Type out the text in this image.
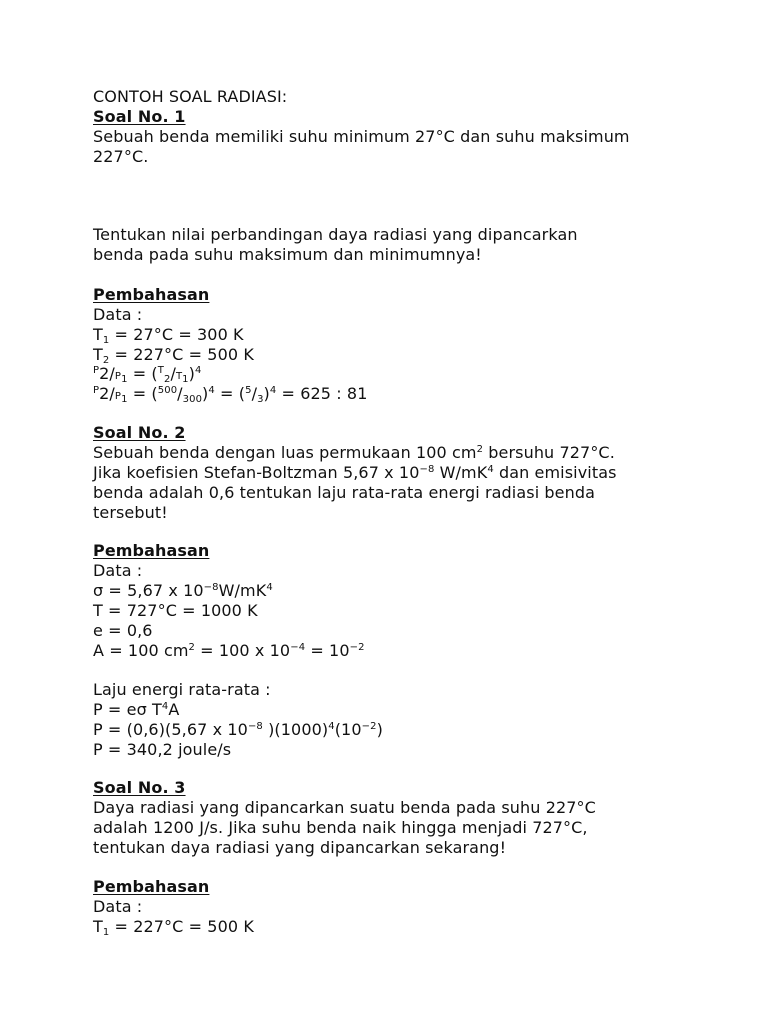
CONTOH SOAL RADIASI:

Soal No. 1

Sebuah benda memiliki suhu minimum 27°C dan suhu maksimum

227°C.

Tentukan nilai perbandingan daya radiasi yang dipancarkan

benda pada suhu maksimum dan minimumnya!

Pembahasan

Data :

$T_1 = 27^\circ C = 300$ K

$T_2 = 227^\circ C = 500$ K

$^P2/P1 = (^T2/T1)^4$

$^P2/P1 = (^{500}/300)^4 = (^5/3)^4 = 625$ : 81

Soal No. 2

Sebuah benda dengan luas permukaan 100 $cm^2$ bersuhu 727°C.

Jika koefisien Stefan-Boltzman 5,67 x $10^{-8}$ $W/mK^4$ dan emisivitas

benda adalah 0,6 tentukan laju rata-rata energi radiasi benda

tersebut!

Pembahasan

Data :

σ = 5,67 x $10^{-8}W/mK^4$

T = 727°C = 1000 K

e = 0,6

A = 100 $cm^2 = 100$ x $10^{-4} = 10^{-2}$

Laju energi rata-rata :

P = eσ $T^4A$

P = (0,6)(5,67 x $10^{-8}$ )$(1000)^4(10^{-2})$

P = 340,2 joule/s

Soal No. 3

Daya radiasi yang dipancarkan suatu benda pada suhu 227°C

adalah 1200 J/s. Jika suhu benda naik hingga menjadi 727°C,

tentukan daya radiasi yang dipancarkan sekarang!

Pembahasan

Data :

$T_1 = 227^\circ C = 500$ K
